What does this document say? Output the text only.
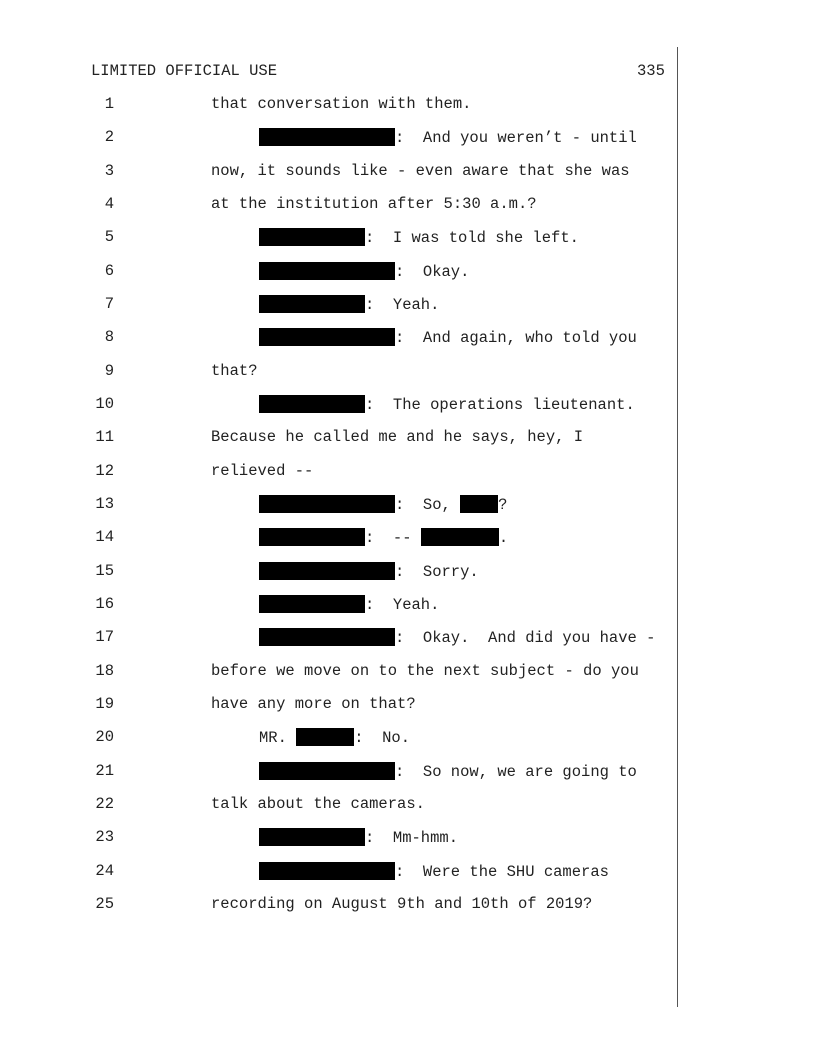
LIMITED OFFICIAL USE	335
1	that conversation with them.
2	:  And you weren’t - until
3	now, it sounds like - even aware that she was
4	at the institution after 5:30 a.m.?
5	:  I was told she left.
6	:  Okay.
7	:  Yeah.
8	:  And again, who told you
9	that?
10	:  The operations lieutenant.
11	Because he called me and he says, hey, I
12	relieved --
13	:  So, ?
14	:  --	.
15	:  Sorry.
16	:  Yeah.
17	:  Okay.  And did you have -
18	before we move on to the next subject - do you
19	have any more on that?
20	MR.	:  No.
21	:  So now, we are going to
22	talk about the cameras.
23	:  Mm-hmm.
24	:  Were the SHU cameras
25	recording on August 9th and 10th of 2019?
